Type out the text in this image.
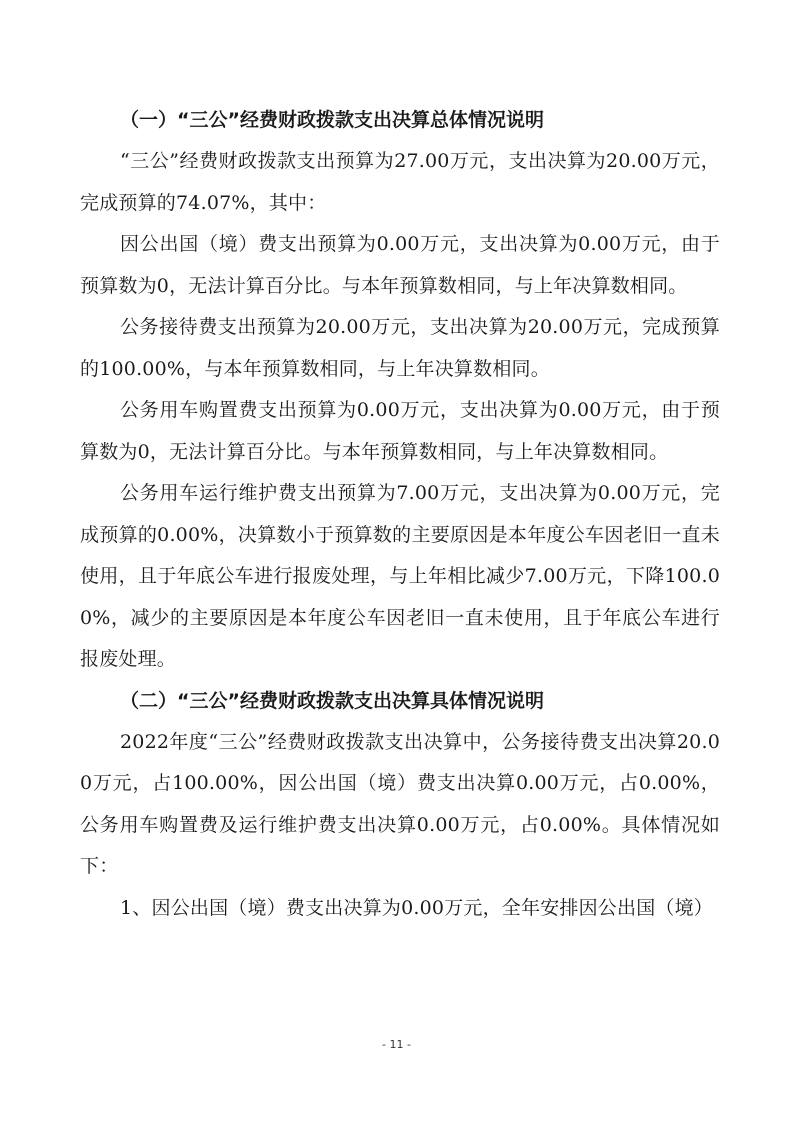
（一）“三公”经费财政拨款支出决算总体情况说明

“三公”经费财政拨款支出预算为27.00万元，支出决算为20.00万元，完成预算的74.07%，其中：

因公出国（境）费支出预算为0.00万元，支出决算为0.00万元，由于预算数为0，无法计算百分比。与本年预算数相同，与上年决算数相同。

公务接待费支出预算为20.00万元，支出决算为20.00万元，完成预算的100.00%，与本年预算数相同，与上年决算数相同。

公务用车购置费支出预算为0.00万元，支出决算为0.00万元，由于预算数为0，无法计算百分比。与本年预算数相同，与上年决算数相同。

公务用车运行维护费支出预算为7.00万元，支出决算为0.00万元，完成预算的0.00%，决算数小于预算数的主要原因是本年度公车因老旧一直未使用，且于年底公车进行报废处理，与上年相比减少7.00万元，下降100.00%，减少的主要原因是本年度公车因老旧一直未使用，且于年底公车进行报废处理。

（二）“三公”经费财政拨款支出决算具体情况说明

2022年度“三公”经费财政拨款支出决算中，公务接待费支出决算20.00万元，占100.00%，因公出国（境）费支出决算0.00万元，占0.00%，公务用车购置费及运行维护费支出决算0.00万元，占0.00%。具体情况如下：

1、因公出国（境）费支出决算为0.00万元，全年安排因公出国（境）

- 11 -
